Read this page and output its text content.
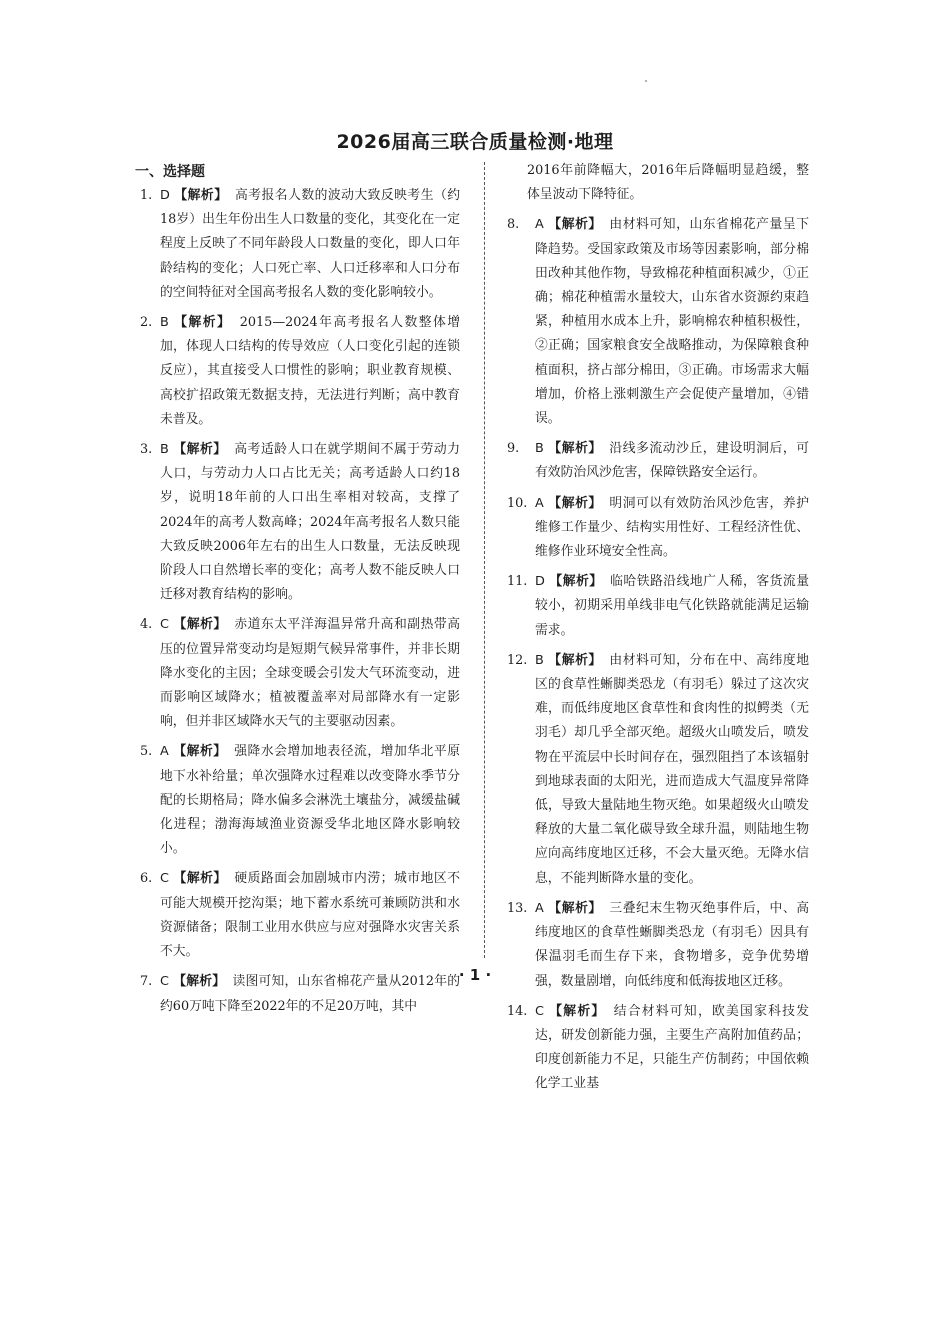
2026届高三联合质量检测·地理
一、选择题
1. D 【解析】 高考报名人数的波动大致反映考生（约18岁）出生年份出生人口数量的变化，其变化在一定程度上反映了不同年龄段人口数量的变化，即人口年龄结构的变化；人口死亡率、人口迁移率和人口分布的空间特征对全国高考报名人数的变化影响较小。
2. B 【解析】 2015—2024年高考报名人数整体增加，体现人口结构的传导效应（人口变化引起的连锁反应），其直接受人口惯性的影响；职业教育规模、高校扩招政策无数据支持，无法进行判断；高中教育未普及。
3. B 【解析】 高考适龄人口在就学期间不属于劳动力人口，与劳动力人口占比无关；高考适龄人口约18岁，说明18年前的人口出生率相对较高，支撑了2024年的高考人数高峰；2024年高考报名人数只能大致反映2006年左右的出生人口数量，无法反映现阶段人口自然增长率的变化；高考人数不能反映人口迁移对教育结构的影响。
4. C 【解析】 赤道东太平洋海温异常升高和副热带高压的位置异常变动均是短期气候异常事件，并非长期降水变化的主因；全球变暖会引发大气环流变动，进而影响区域降水；植被覆盖率对局部降水有一定影响，但并非区域降水天气的主要驱动因素。
5. A 【解析】 强降水会增加地表径流，增加华北平原地下水补给量；单次强降水过程难以改变降水季节分配的长期格局；降水偏多会淋洗土壤盐分，减缓盐碱化进程；渤海海域渔业资源受华北地区降水影响较小。
6. C 【解析】 硬质路面会加剧城市内涝；城市地区不可能大规模开挖沟渠；地下蓄水系统可兼顾防洪和水资源储备；限制工业用水供应与应对强降水灾害关系不大。
7. C 【解析】 读图可知，山东省棉花产量从2012年的约60万吨下降至2022年的不足20万吨，其中
2016年前降幅大，2016年后降幅明显趋缓，整体呈波动下降特征。
8.	A 【解析】 由材料可知，山东省棉花产量呈下降趋势。受国家政策及市场等因素影响，部分棉田改种其他作物，导致棉花种植面积减少，①正确；棉花种植需水量较大，山东省水资源约束趋紧，种植用水成本上升，影响棉农种植积极性，②正确；国家粮食安全战略推动，为保障粮食种植面积，挤占部分棉田，③正确。市场需求大幅增加，价格上涨刺激生产会促使产量增加，④错误。
9.	B 【解析】 沿线多流动沙丘，建设明洞后，可有效防治风沙危害，保障铁路安全运行。
10. A 【解析】 明洞可以有效防治风沙危害，养护维修工作量少、结构实用性好、工程经济性优、维修作业环境安全性高。
11. D 【解析】 临哈铁路沿线地广人稀，客货流量较小，初期采用单线非电气化铁路就能满足运输需求。
12. B 【解析】 由材料可知，分布在中、高纬度地区的食草性蜥脚类恐龙（有羽毛）躲过了这次灾难，而低纬度地区食草性和食肉性的拟鳄类（无羽毛）却几乎全部灭绝。超级火山喷发后，喷发物在平流层中长时间存在，强烈阻挡了本该辐射到地球表面的太阳光，进而造成大气温度异常降低，导致大量陆地生物灭绝。如果超级火山喷发释放的大量二氧化碳导致全球升温，则陆地生物应向高纬度地区迁移，不会大量灭绝。无降水信息，不能判断降水量的变化。
13. A 【解析】 三叠纪末生物灭绝事件后，中、高纬度地区的食草性蜥脚类恐龙（有羽毛）因具有保温羽毛而生存下来，食物增多，竞争优势增强，数量剧增，向低纬度和低海拔地区迁移。
14. C 【解析】 结合材料可知，欧美国家科技发达，研发创新能力强，主要生产高附加值药品；印度创新能力不足，只能生产仿制药；中国依赖化学工业基
· 1 ·
